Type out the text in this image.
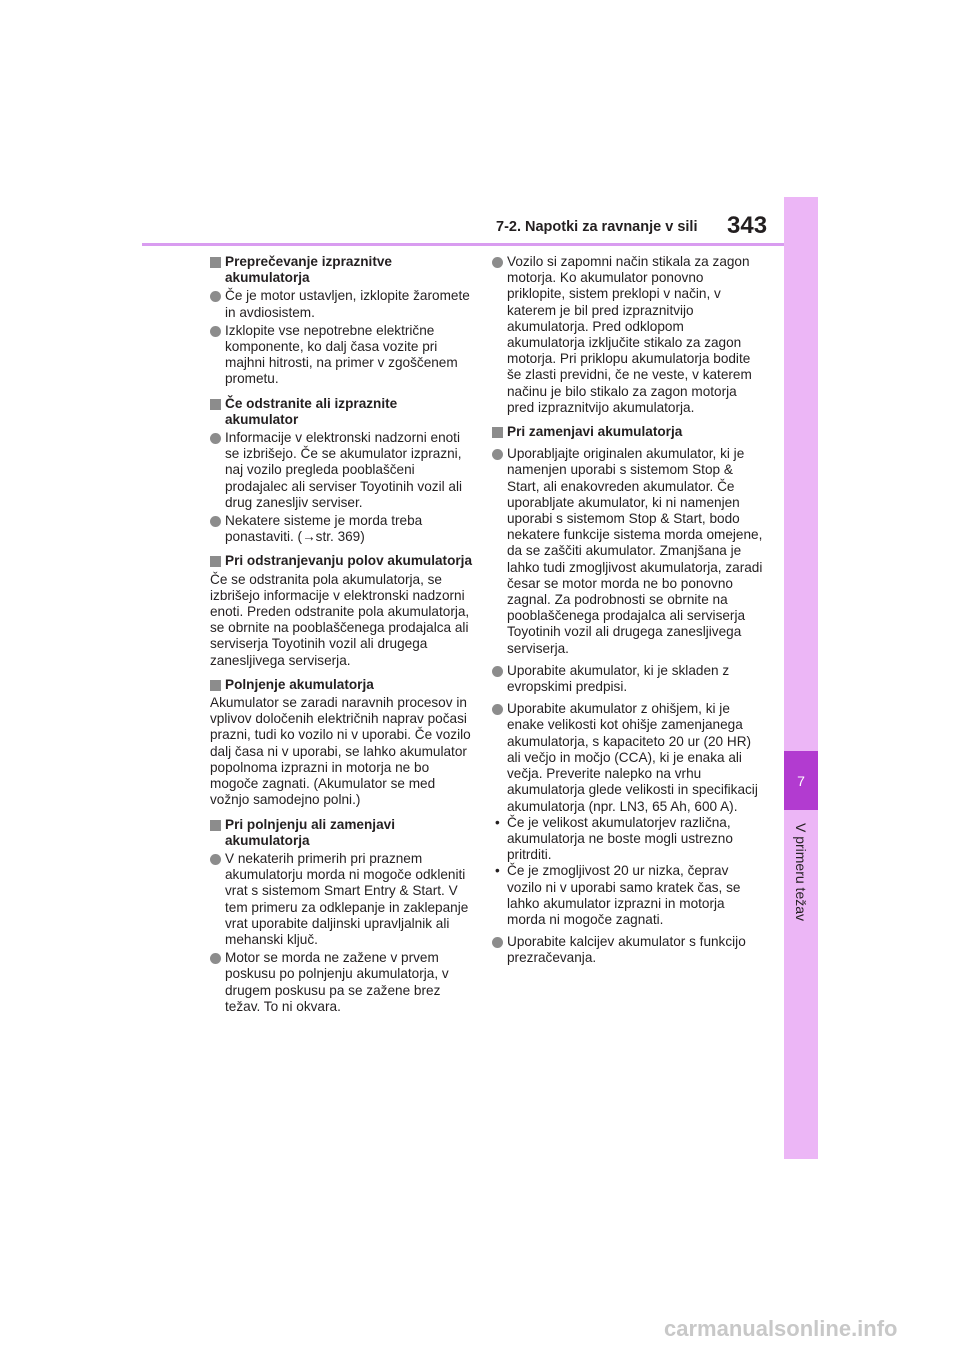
7-2. Napotki za ravnanje v sili 343
7
V primeru težav
Preprečevanje izpraznitve akumulatorja
Če je motor ustavljen, izklopite žaromete in avdiosistem.
Izklopite vse nepotrebne električne komponente, ko dalj časa vozite pri majhni hitrosti, na primer v zgoščenem prometu.
Če odstranite ali izpraznite akumulator
Informacije v elektronski nadzorni enoti se izbrišejo. Če se akumulator izprazni, naj vozilo pregleda pooblaščeni prodajalec ali serviser Toyotinih vozil ali drug zanesljiv serviser.
Nekatere sisteme je morda treba ponastaviti. (→str. 369)
Pri odstranjevanju polov akumulatorja
Če se odstranita pola akumulatorja, se izbrišejo informacije v elektronski nadzorni enoti. Preden odstranite pola akumulatorja, se obrnite na pooblaščenega prodajalca ali serviserja Toyotinih vozil ali drugega zanesljivega serviserja.
Polnjenje akumulatorja
Akumulator se zaradi naravnih procesov in vplivov določenih električnih naprav počasi prazni, tudi ko vozilo ni v uporabi. Če vozilo dalj časa ni v uporabi, se lahko akumulator popolnoma izprazni in motorja ne bo mogoče zagnati. (Akumulator se med vožnjo samodejno polni.)
Pri polnjenju ali zamenjavi akumulatorja
V nekaterih primerih pri praznem akumulatorju morda ni mogoče odkleniti vrat s sistemom Smart Entry & Start. V tem primeru za odklepanje in zaklepanje vrat uporabite daljinski upravljalnik ali mehanski ključ.
Motor se morda ne zažene v prvem poskusu po polnjenju akumulatorja, v drugem poskusu pa se zažene brez težav. To ni okvara.
Vozilo si zapomni način stikala za zagon motorja. Ko akumulator ponovno priklopite, sistem preklopi v način, v katerem je bil pred izpraznitvijo akumulatorja. Pred odklopom akumulatorja izključite stikalo za zagon motorja. Pri priklopu akumulatorja bodite še zlasti previdni, če ne veste, v katerem načinu je bilo stikalo za zagon motorja pred izpraznitvijo akumulatorja.
Pri zamenjavi akumulatorja
Uporabljajte originalen akumulator, ki je namenjen uporabi s sistemom Stop & Start, ali enakovreden akumulator. Če uporabljate akumulator, ki ni namenjen uporabi s sistemom Stop & Start, bodo nekatere funkcije sistema morda omejene, da se zaščiti akumulator. Zmanjšana je lahko tudi zmogljivost akumulatorja, zaradi česar se motor morda ne bo ponovno zagnal. Za podrobnosti se obrnite na pooblaščenega prodajalca ali serviserja Toyotinih vozil ali drugega zanesljivega serviserja.
Uporabite akumulator, ki je skladen z evropskimi predpisi.
Uporabite akumulator z ohišjem, ki je enake velikosti kot ohišje zamenjanega akumulatorja, s kapaciteto 20 ur (20 HR) ali večjo in močjo (CCA), ki je enaka ali večja. Preverite nalepko na vrhu akumulatorja glede velikosti in specifikacij akumulatorja (npr. LN3, 65 Ah, 600 A).
• Če je velikost akumulatorjev različna, akumulatorja ne boste mogli ustrezno pritrditi.
• Če je zmogljivost 20 ur nizka, čeprav vozilo ni v uporabi samo kratek čas, se lahko akumulator izprazni in motorja morda ni mogoče zagnati.
Uporabite kalcijev akumulator s funkcijo prezračevanja.
carmanualsonline.info
